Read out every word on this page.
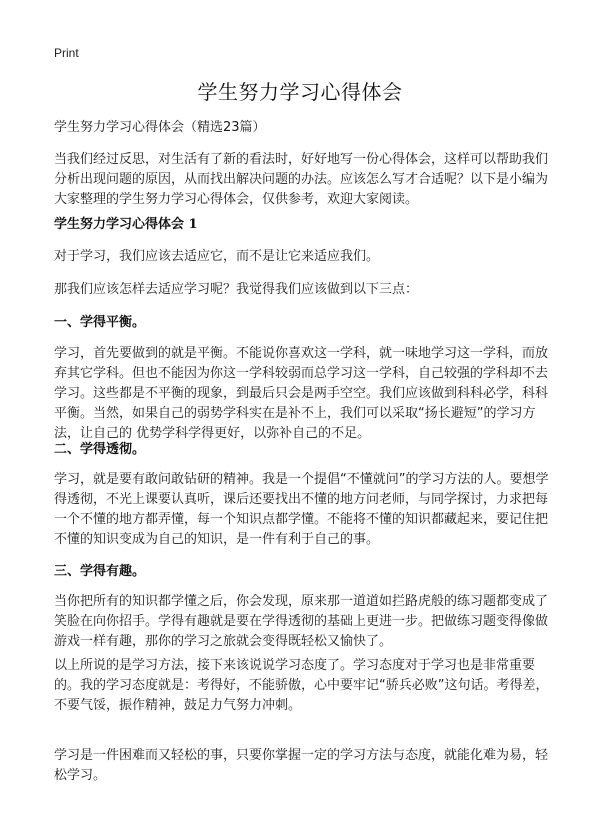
Print
学生努力学习心得体会

学生努力学习心得体会（精选23篇）

当我们经过反思，对生活有了新的看法时，好好地写一份心得体会，这样可以帮助我们分析出现问题的原因，从而找出解决问题的办法。应该怎么写才合适呢？以下是小编为大家整理的学生努力学习心得体会，仅供参考，欢迎大家阅读。

学生努力学习心得体会 1

对于学习，我们应该去适应它，而不是让它来适应我们。

那我们应该怎样去适应学习呢？我觉得我们应该做到以下三点：

一、学得平衡。

学习，首先要做到的就是平衡。不能说你喜欢这一学科，就一味地学习这一学科，而放弃其它学科。但也不能因为你这一学科较弱而总学习这一学科，自己较强的学科却不去学习。这些都是不平衡的现象，到最后只会是两手空空。我们应该做到科科必学，科科平衡。当然，如果自己的弱势学科实在是补不上，我们可以采取“扬长避短”的学习方法，让自己的 优势学科学得更好，以弥补自己的不足。

二、学得透彻。

学习，就是要有敢问敢钻研的精神。我是一个提倡“不懂就问”的学习方法的人。要想学得透彻，不光上课要认真听，课后还要找出不懂的地方问老师，与同学探讨，力求把每一个不懂的地方都弄懂，每一个知识点都学懂。不能将不懂的知识都藏起来，要记住把不懂的知识变成为自己的知识，是一件有利于自己的事。

三、学得有趣。

当你把所有的知识都学懂之后，你会发现，原来那一道道如拦路虎般的练习题都变成了笑脸在向你招手。学得有趣就是要在学得透彻的基础上更进一步。把做练习题变得像做游戏一样有趣，那你的学习之旅就会变得既轻松又愉快了。

以上所说的是学习方法，接下来该说说学习态度了。学习态度对于学习也是非常重要的。我的学习态度就是：考得好，不能骄傲，心中要牢记“骄兵必败”这句话。考得差，不要气馁，振作精神，鼓足力气努力冲刺。

学习是一件困难而又轻松的事，只要你掌握一定的学习方法与态度，就能化难为易，轻松学习。
